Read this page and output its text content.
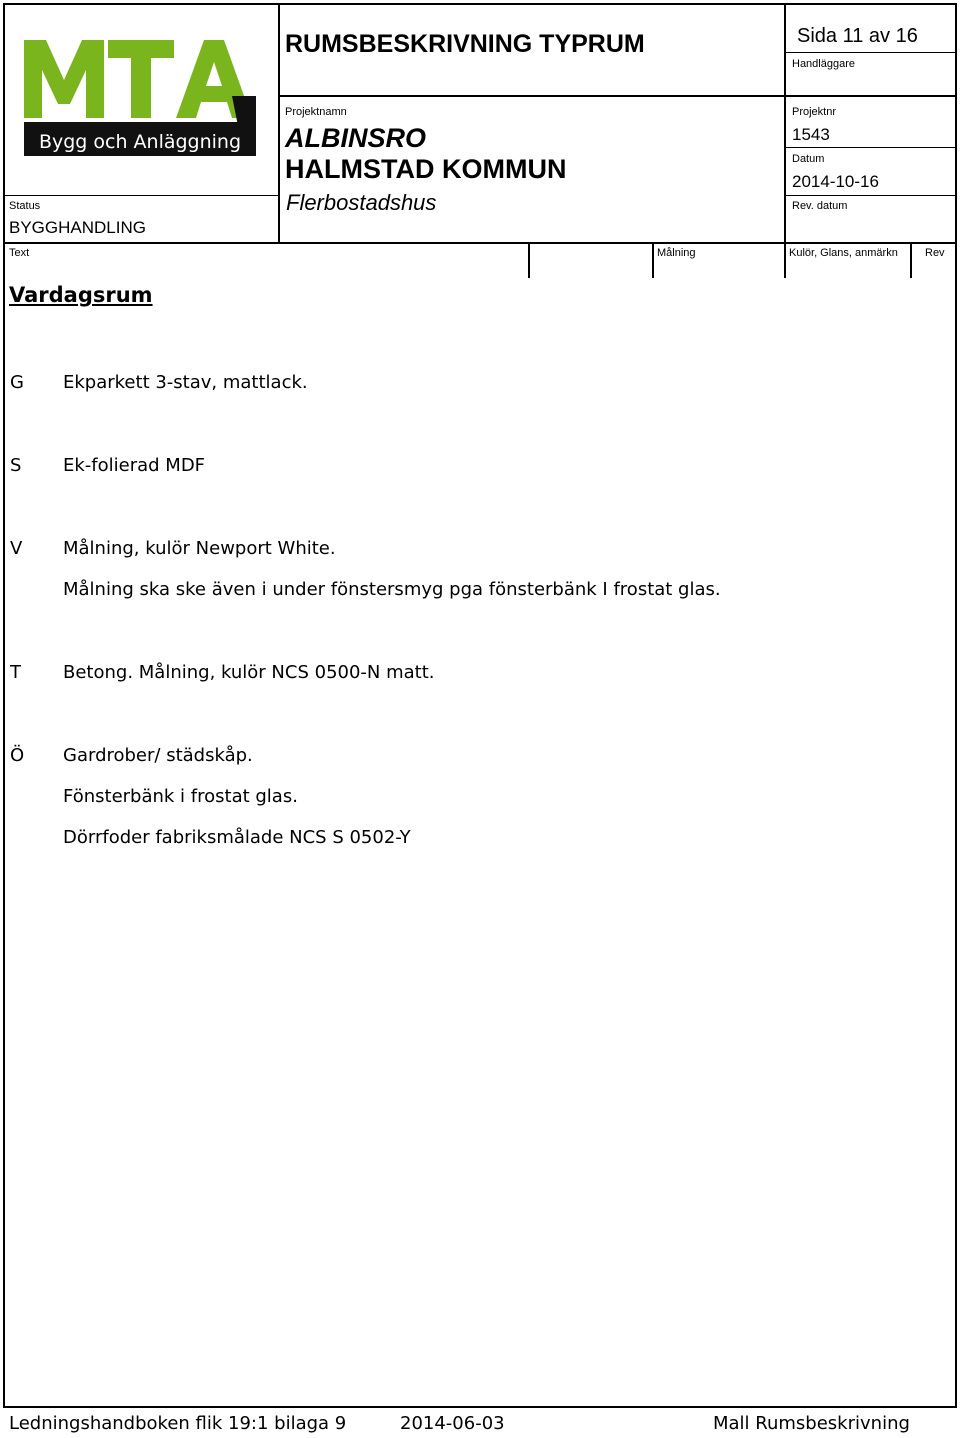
Bygg och Anläggning
RUMSBESKRIVNING TYPRUM	Sida 11 av 16
Handläggare
Projektnamn
ALBINSRO
HALMSTAD KOMMUN
Flerbostadshus
Projektnr
1543
Datum
2014-10-16
Rev. datum
Status
BYGGHANDLING
Text	Målning	Kulör, Glans, anmärkn Rev
Vardagsrum
G Ekparkett 3-stav, mattlack.
S Ek-folierad MDF
V Målning, kulör Newport White.
Målning ska ske även i under fönstersmyg pga fönsterbänk I frostat glas.
T Betong. Målning, kulör NCS 0500-N matt.
Ö Gardrober/ städskåp.
Fönsterbänk i frostat glas.
Dörrfoder fabriksmålade NCS S 0502-Y
Ledningshandboken flik 19:1 bilaga 9	2014-06-03	Mall Rumsbeskrivning
